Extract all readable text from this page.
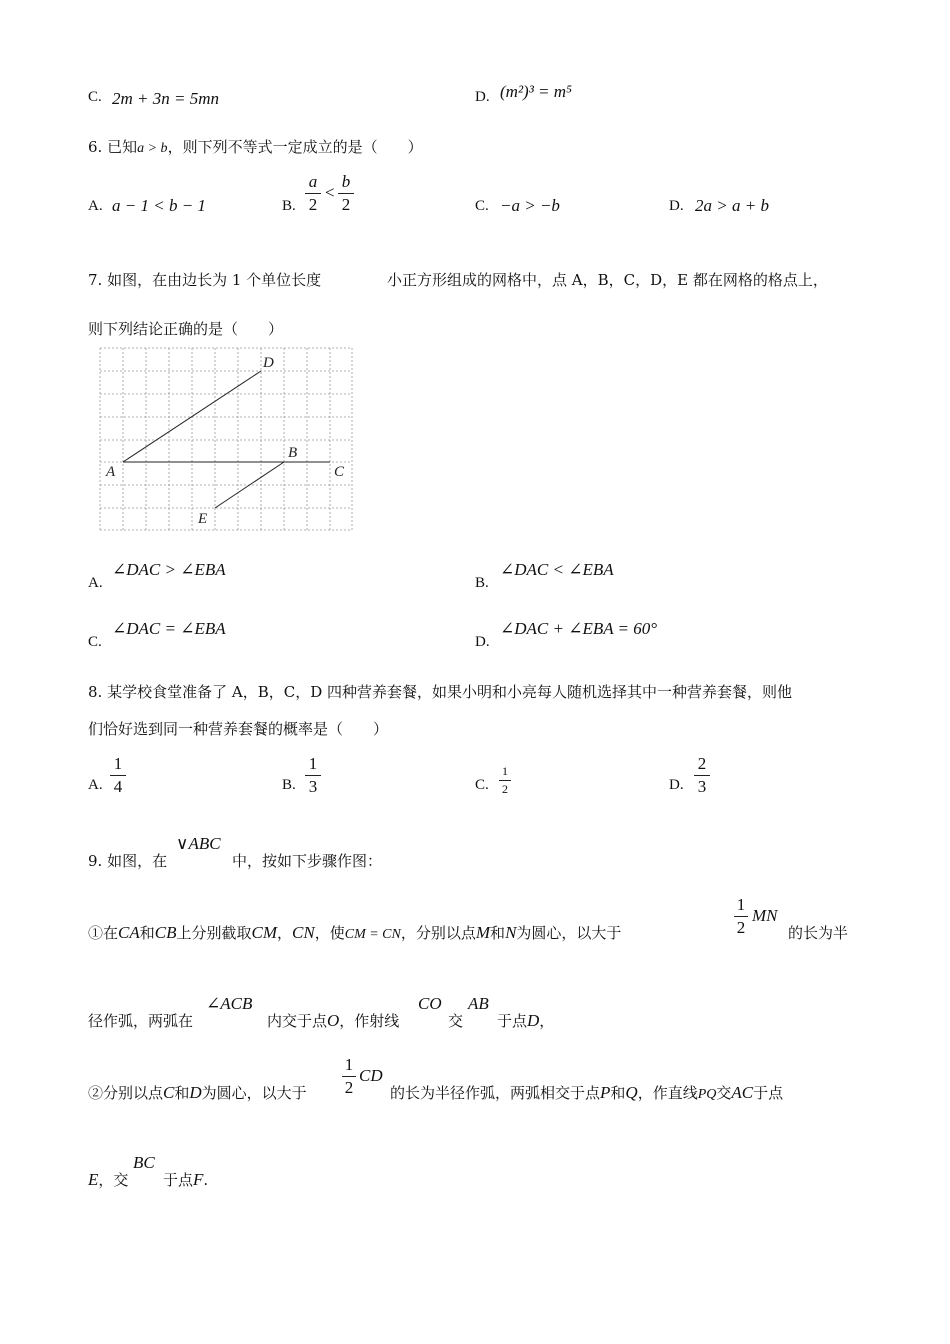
C. 2m + 3n = 5mn	D. (m²)³ = m⁵
6. 已知a > b，则下列不等式一定成立的是（　　）
A. a − 1 < b − 1	B.
a
2
<
b
2	C. −a > −b	D. 2a > a + b
7. 如图，在由边长为 1 个单位长度	小正方形组成的网格中，点 A，B，C，D，E 都在网格的格点上，
则下列结论正确的是（　　）
D
A
B
C
E
A.
∠DAC > ∠EBA
B.
∠DAC < ∠EBA
C.
∠DAC = ∠EBA
D.
∠DAC + ∠EBA = 60°
8. 某学校食堂准备了 A，B，C，D 四种营养套餐，如果小明和小亮每人随机选择其中一种营养套餐，则他
们恰好选到同一种营养套餐的概率是（　　）
A.
1
4	B.
1
3	C.
1
2	D.
2
3
9. 如图，在
∨ABC
中，按如下步骤作图：
①在CA和CB上分别截取CM，CN，使CM = CN，分别以点M和N为圆心，以大于
1
2
MN
的长为半
径作弧，两弧在
∠ACB
内交于点O，作射线
CO
交
AB
于点D，
②分别以点C和D为圆心，以大于
1
2
CD
的长为半径作弧，两弧相交于点P和Q，作直线PQ交AC于点
E，交
BC
于点F.
